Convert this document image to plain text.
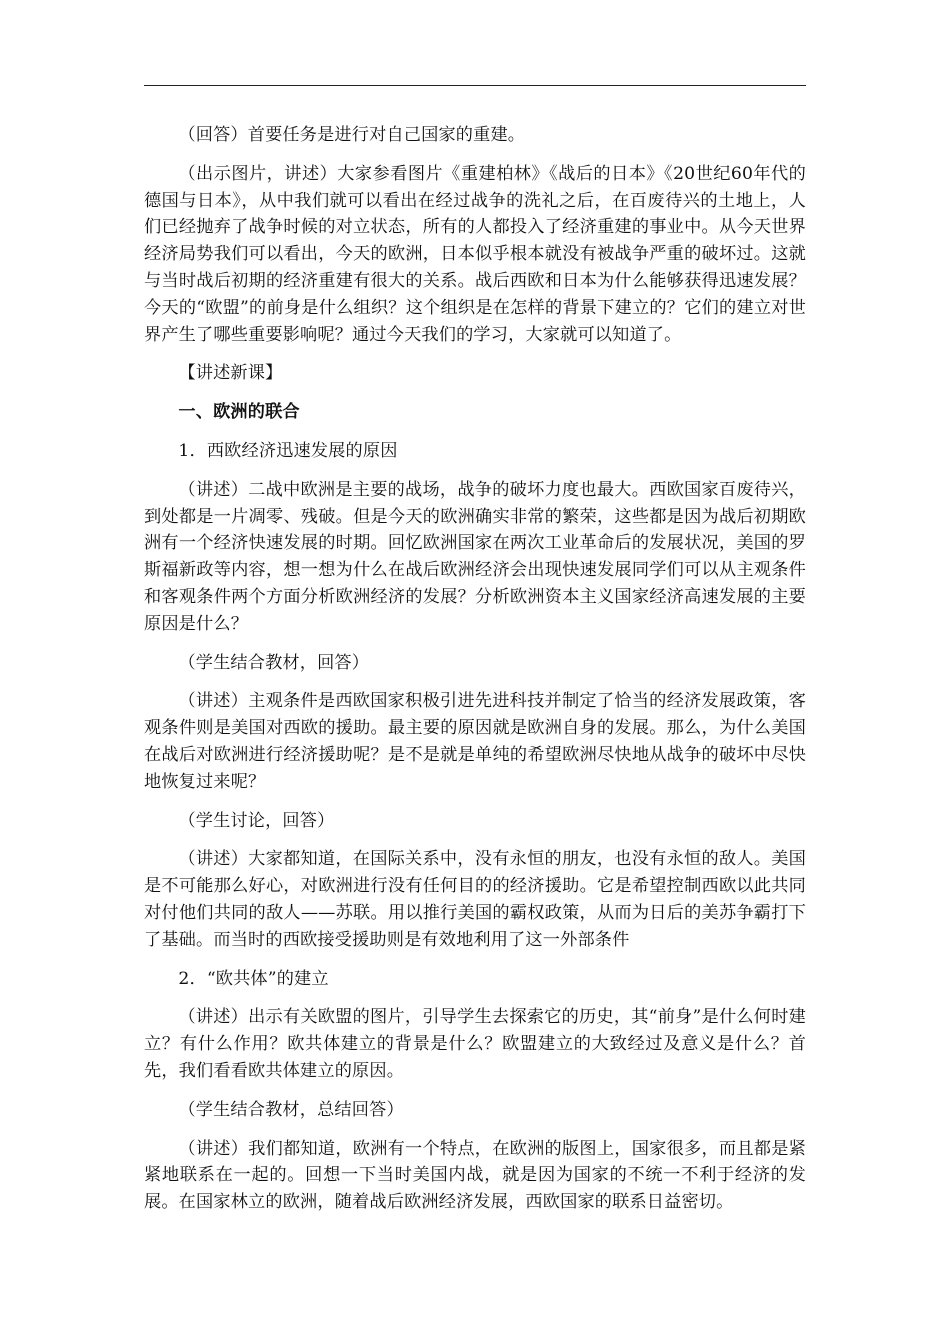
（回答）首要任务是进行对自己国家的重建。

（出示图片，讲述）大家参看图片《重建柏林》《战后的日本》《20世纪60年代的德国与日本》，从中我们就可以看出在经过战争的洗礼之后，在百废待兴的土地上，人们已经抛弃了战争时候的对立状态，所有的人都投入了经济重建的事业中。从今天世界经济局势我们可以看出，今天的欧洲，日本似乎根本就没有被战争严重的破坏过。这就与当时战后初期的经济重建有很大的关系。战后西欧和日本为什么能够获得迅速发展？今天的“欧盟”的前身是什么组织？这个组织是在怎样的背景下建立的？它们的建立对世界产生了哪些重要影响呢？通过今天我们的学习，大家就可以知道了。

【讲述新课】

一、欧洲的联合

1．西欧经济迅速发展的原因

（讲述）二战中欧洲是主要的战场，战争的破坏力度也最大。西欧国家百废待兴，到处都是一片凋零、残破。但是今天的欧洲确实非常的繁荣，这些都是因为战后初期欧洲有一个经济快速发展的时期。回忆欧洲国家在两次工业革命后的发展状况，美国的罗斯福新政等内容，想一想为什么在战后欧洲经济会出现快速发展同学们可以从主观条件和客观条件两个方面分析欧洲经济的发展？分析欧洲资本主义国家经济高速发展的主要原因是什么？

（学生结合教材，回答）

（讲述）主观条件是西欧国家积极引进先进科技并制定了恰当的经济发展政策，客观条件则是美国对西欧的援助。最主要的原因就是欧洲自身的发展。那么，为什么美国在战后对欧洲进行经济援助呢？是不是就是单纯的希望欧洲尽快地从战争的破坏中尽快地恢复过来呢？

（学生讨论，回答）

（讲述）大家都知道，在国际关系中，没有永恒的朋友，也没有永恒的敌人。美国是不可能那么好心，对欧洲进行没有任何目的的经济援助。它是希望控制西欧以此共同对付他们共同的敌人——苏联。用以推行美国的霸权政策，从而为日后的美苏争霸打下了基础。而当时的西欧接受援助则是有效地利用了这一外部条件

2．“欧共体”的建立

（讲述）出示有关欧盟的图片，引导学生去探索它的历史，其“前身”是什么何时建立？有什么作用？欧共体建立的背景是什么？欧盟建立的大致经过及意义是什么？首先，我们看看欧共体建立的原因。

（学生结合教材，总结回答）

（讲述）我们都知道，欧洲有一个特点，在欧洲的版图上，国家很多，而且都是紧紧地联系在一起的。回想一下当时美国内战，就是因为国家的不统一不利于经济的发展。在国家林立的欧洲，随着战后欧洲经济发展，西欧国家的联系日益密切。
